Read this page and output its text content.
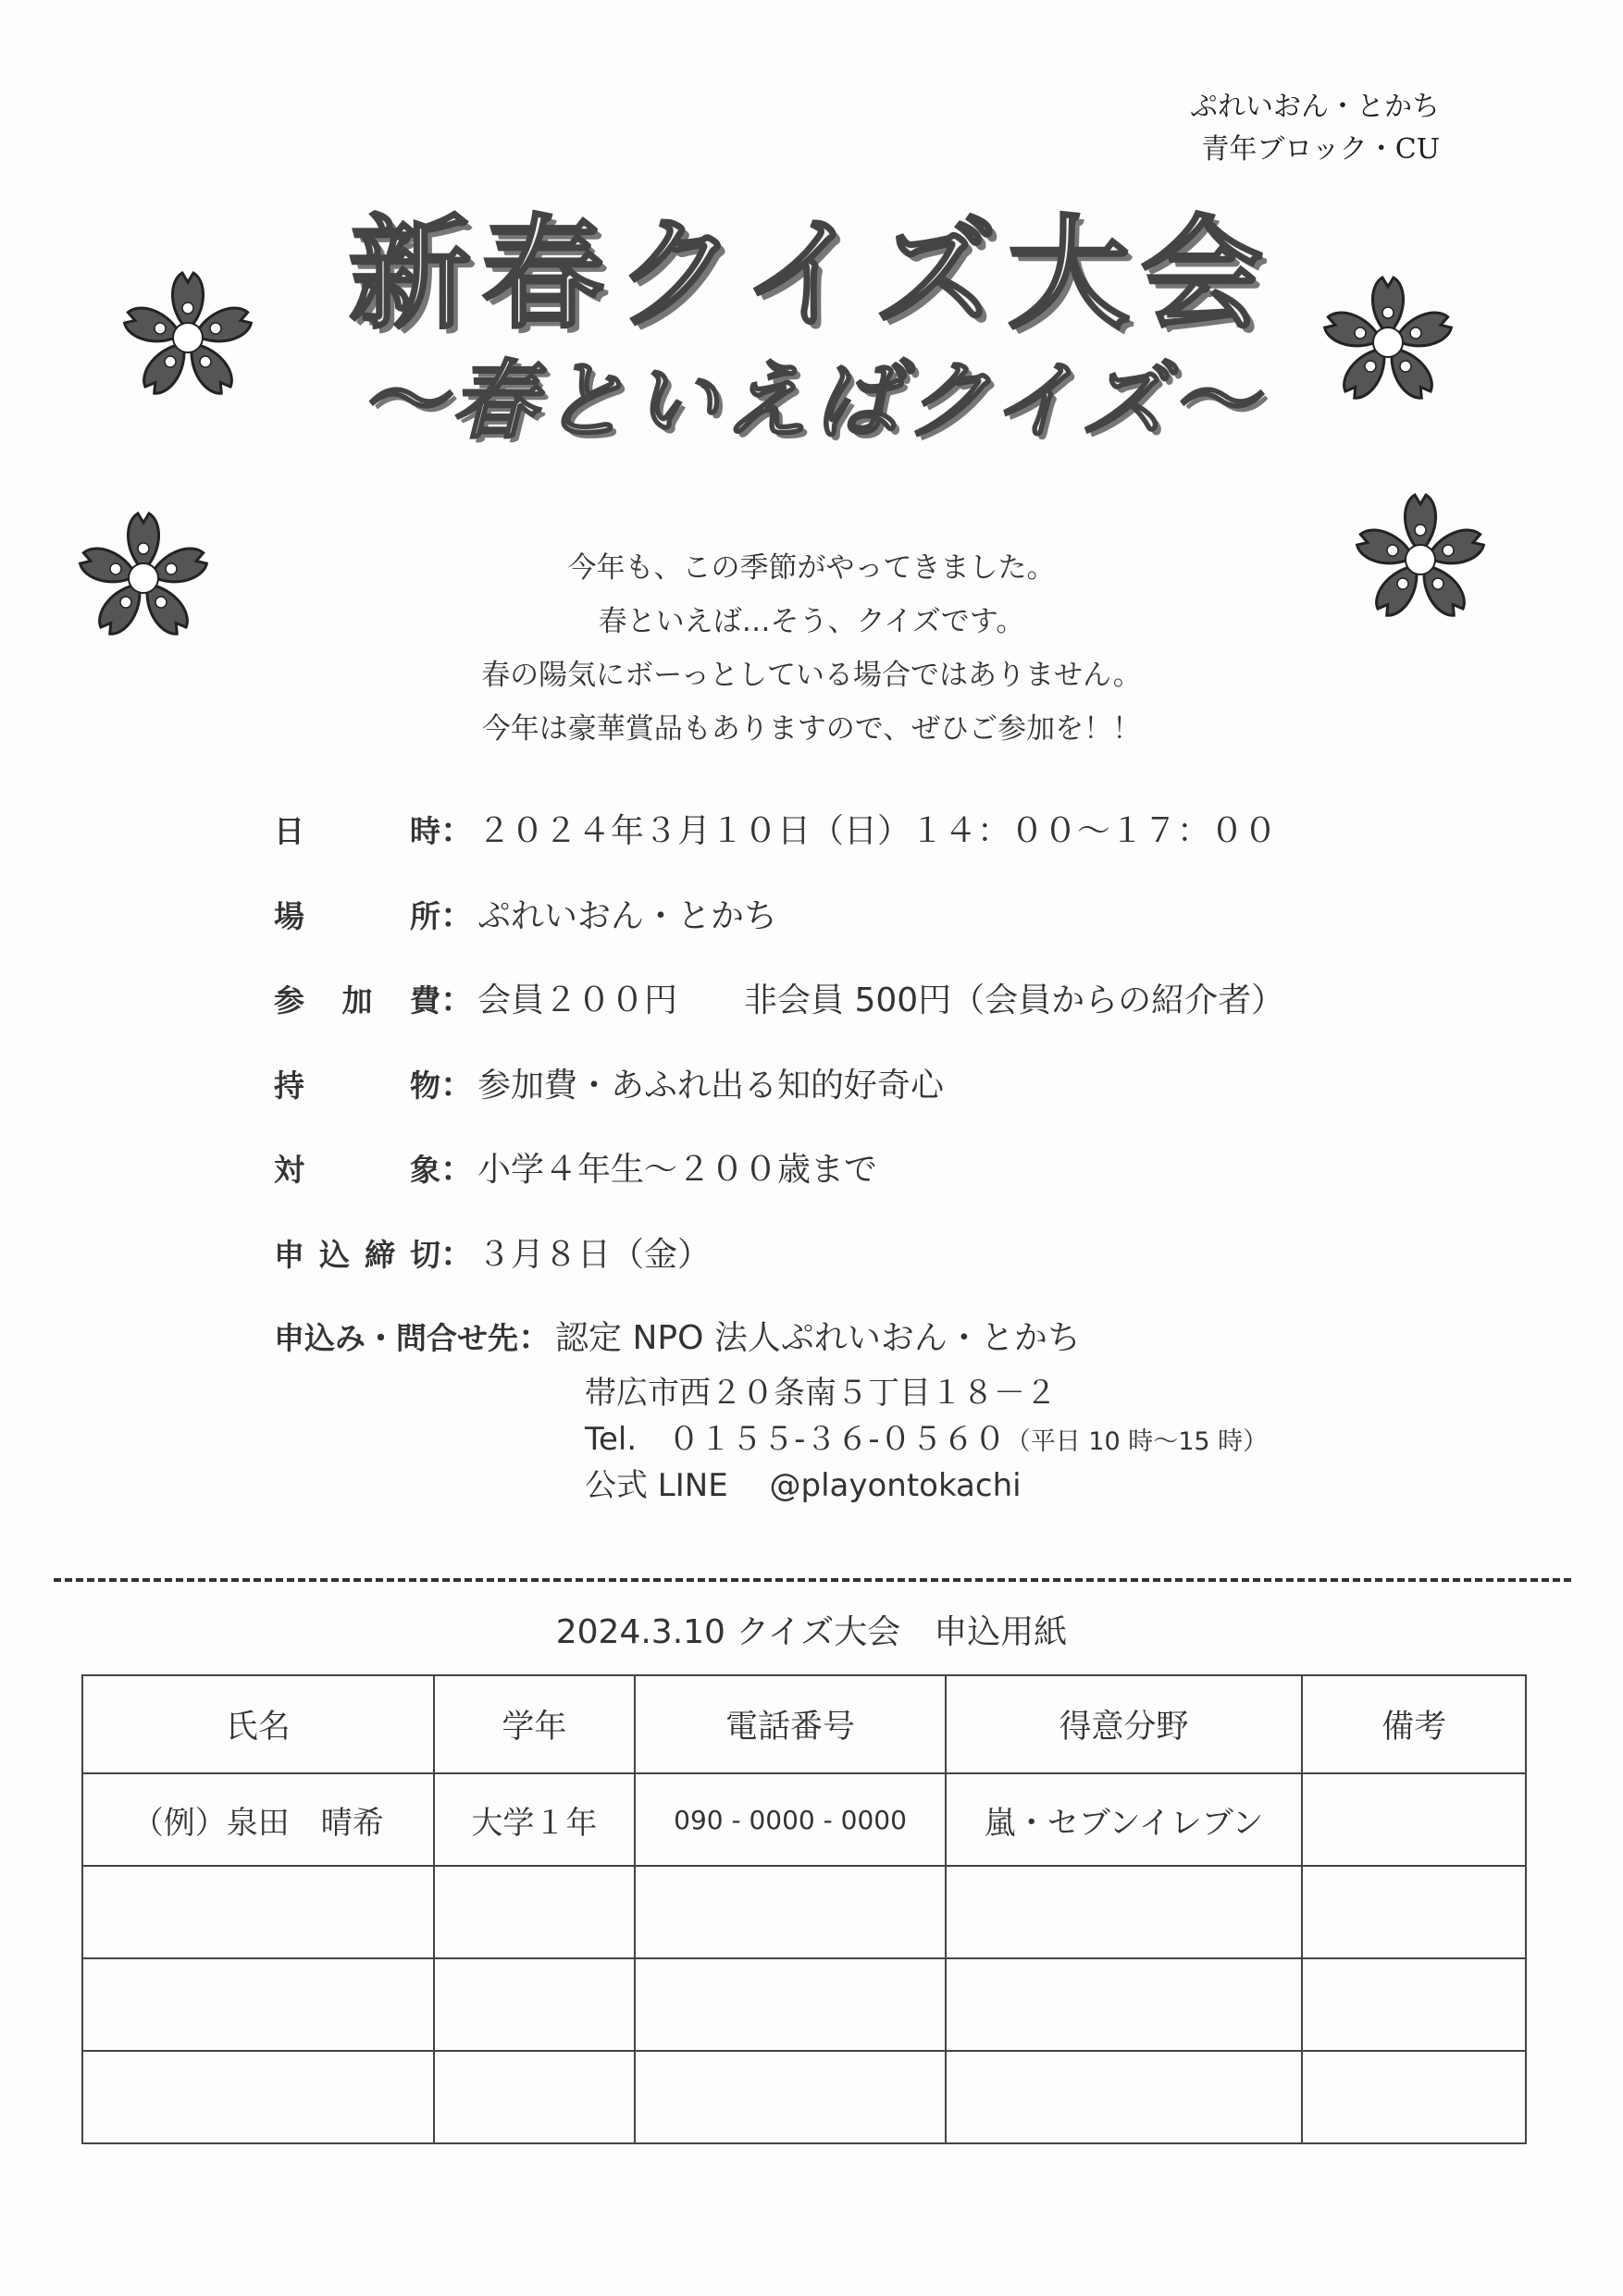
ぷれいおん・とかち
青年ブロック・CU
新春クイズ大会
～春といえばクイズ～
今年も、この季節がやってきました。
春といえば…そう、クイズです。
春の陽気にボーっとしている場合ではありません。
今年は豪華賞品もありますので、ぜひご参加を！！
日　時： ２０２４年３月１０日（日）１４：００～１７：００
場　所： ぷれいおん・とかち
参加費： 会員２００円　　非会員 500円（会員からの紹介者）
持　物： 参加費・あふれ出る知的好奇心
対　象： 小学４年生～２００歳まで
申込締切： ３月８日（金）
申込み・問合せ先： 認定 NPO 法人ぷれいおん・とかち
帯広市西２０条南５丁目１８－２
Tel.　０１５５-３６-０５６０（平日 10 時～15 時）
公式 LINE　 @playontokachi
2024.3.10 クイズ大会　申込用紙
氏名	学年	電話番号	得意分野	備考
（例）泉田　晴希	大学１年	090 - 0000 - 0000	嵐・セブンイレブン	
